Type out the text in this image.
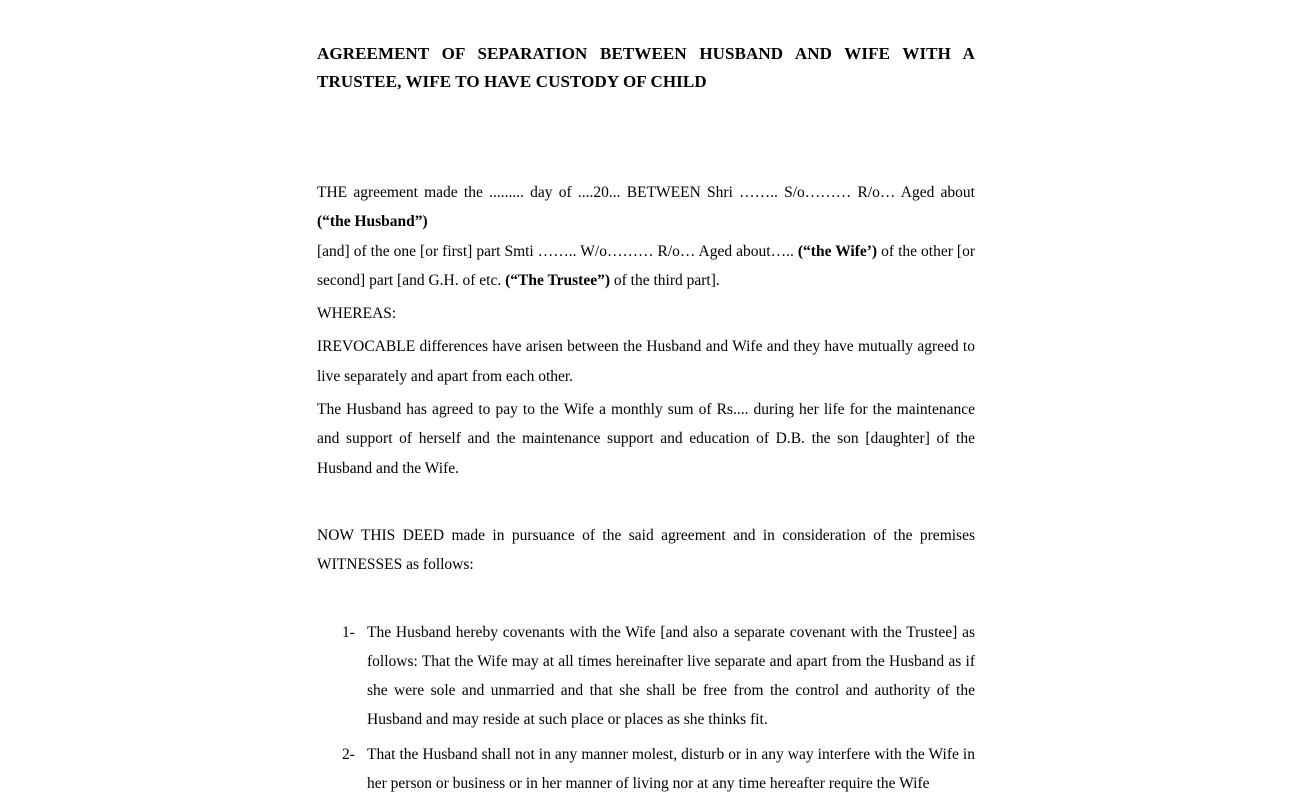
AGREEMENT OF SEPARATION BETWEEN HUSBAND AND WIFE WITH A TRUSTEE, WIFE TO HAVE CUSTODY OF CHILD

THE agreement made the ......... day of ....20... BETWEEN Shri …….. S/o……… R/o… Aged about (“the Husband”)
[and] of the one [or first] part Smti …….. W/o……… R/o… Aged about….. (“the Wife’) of the other [or second] part [and G.H. of etc. (“The Trustee”) of the third part].

WHEREAS:

IREVOCABLE differences have arisen between the Husband and Wife and they have mutually agreed to live separately and apart from each other.

The Husband has agreed to pay to the Wife a monthly sum of Rs.... during her life for the maintenance and support of herself and the maintenance support and education of D.B. the son [daughter] of the Husband and the Wife.

NOW THIS DEED made in pursuance of the said agreement and in consideration of the premises WITNESSES as follows:

1- The Husband hereby covenants with the Wife [and also a separate covenant with the Trustee] as follows: That the Wife may at all times hereinafter live separate and apart from the Husband as if she were sole and unmarried and that she shall be free from the control and authority of the Husband and may reside at such place or places as she thinks fit.

2- That the Husband shall not in any manner molest, disturb or in any way interfere with the Wife in her person or business or in her manner of living nor at any time hereafter require the Wife
